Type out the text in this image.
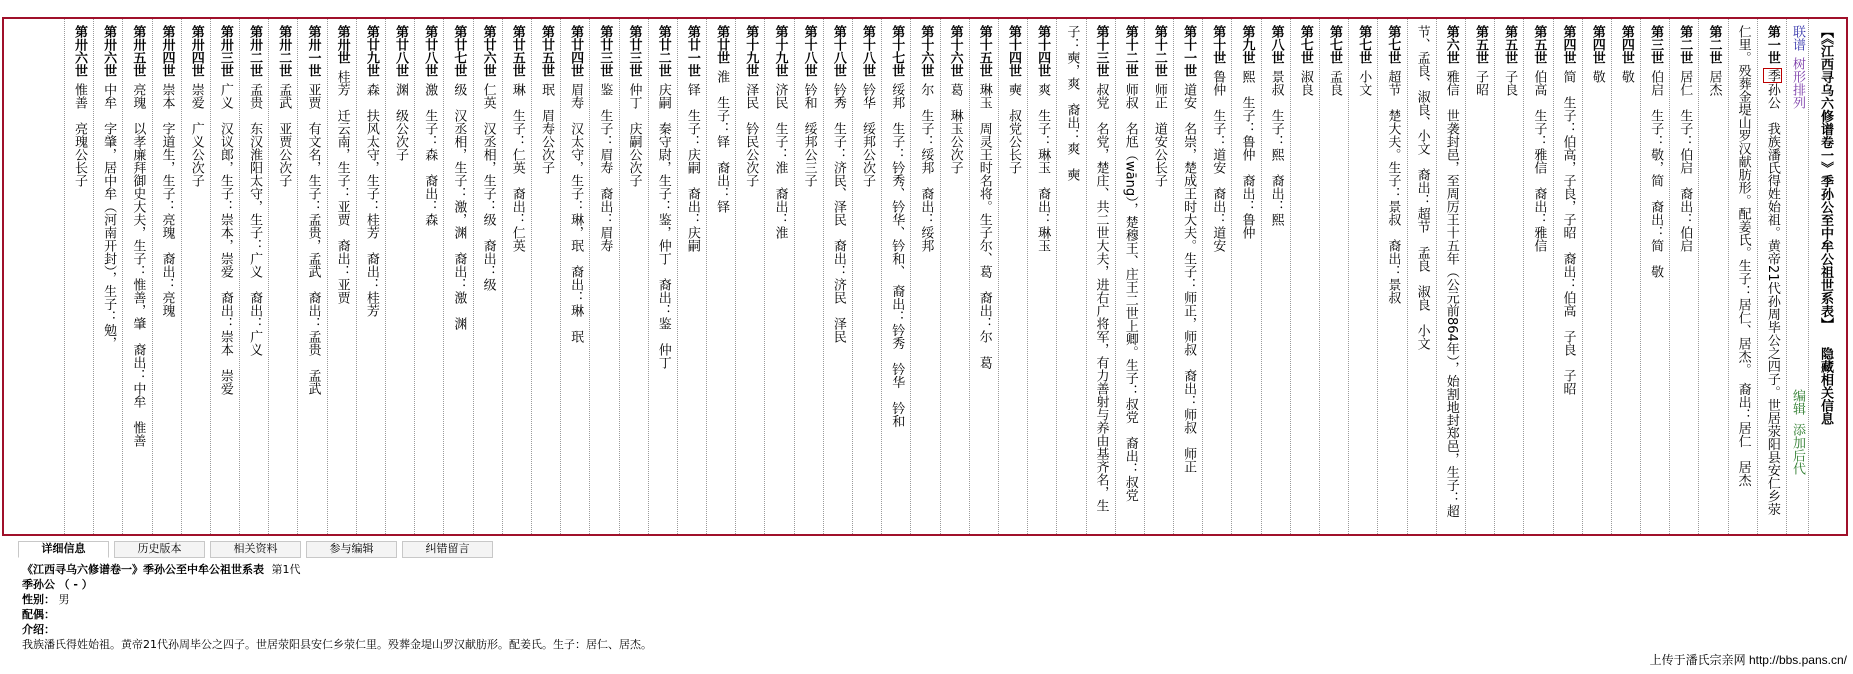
【《江西寻乌六修谱卷一》季孙公至中牟公祖世系表】 隐藏相关信息
联谱 树形排列 编辑 添加后代
第一世季孙公　我族潘氏得姓始祖。黄帝21代孙周毕公之四子。世居荥阳县安仁乡荥
仁里。殁葬金堤山罗汉献肪形。配姜氏。生子：居仁、居杰。　裔出：居仁　居杰
第二世居杰
第二世居仁　生子：伯启　裔出：伯启
第三世伯启　生子：敬，简　裔出：简　敬
第四世敬
第四世敬
第四世简　生子：伯高，子良，子昭　裔出：伯高　子良　子昭
第五世伯高　生子：雅信　裔出：雅信
第五世子良
第五世子昭
第六世雅信　世袭封邑，至周厉王十五年（公元前864年），始割地封郑邑，生子：超
节、孟良、淑良、小文　裔出：超节　孟良　淑良　小文
第七世超节　楚大夫。生子：景叔　裔出：景叔
第七世小文
第七世孟良
第七世淑良
第八世景叔　生子：熙　裔出：熙
第九世熙　生子：鲁仲　裔出：鲁仲
第十世鲁仲　生子：道安　裔出：道安
第十一世道安　名崇，楚成王时大夫。生子：师正，师叔　裔出：师叔　师正
第十二世师正　道安公长子
第十二世师叔　名尪（wāng），楚穆王、庄王二世上卿。生子：叔党　裔出：叔党
第十三世叔党　名党，楚庄、共二世大夫，进右广将军，有力善射与养由基齐名，生
子：奭，爽　裔出：爽　奭
第十四世爽　生子：琳玉　裔出：琳玉
第十四世奭　叔党公长子
第十五世琳玉　周灵王时名将。生子尔、葛　裔出：尔　葛
第十六世葛　琳玉公次子
第十六世尔　生子：绥邦　裔出：绥邦
第十七世绥邦　生子：钤秀、钤华、钤和、　裔出：钤秀　钤华　钤和
第十八世钤华　绥邦公次子
第十八世钤秀　生子：济民、泽民　裔出：济民　泽民
第十八世钤和　绥邦公三子
第十九世济民　生子：淮　裔出：淮
第十九世泽民　钤民公次子
第廿世淮　生子：铎　裔出：铎
第廿一世铎　生子：庆嗣　裔出：庆嗣
第廿二世庆嗣　秦守尉，生子：鉴，仲丁　裔出：鉴　仲丁
第廿三世仲丁　庆嗣公次子
第廿三世鉴　生子：眉寿　裔出：眉寿
第廿四世眉寿　汉太守，生子：琳，珉　裔出：琳　珉
第廿五世珉　眉寿公次子
第廿五世琳　生子：仁英　裔出：仁英
第廿六世仁英　汉丞相，生子：级　裔出：级
第廿七世级　汉丞相，生子：激，渊　裔出：激　渊
第廿八世激　生子：森　裔出：森
第廿八世渊　级公次子
第廿九世森　扶风太守，生子：桂芳　裔出：桂芳
第卅世桂芳　迁云南，生子：亚贾　裔出：亚贾
第卅一世亚贾　有文名，生子：孟贵，孟武　裔出：孟贵　孟武
第卅二世孟武　亚贾公次子
第卅二世孟贵　东汉淮阳太守，生子：广义　裔出：广义
第卅三世广义　汉议郎，生子：崇本，崇爱　裔出：崇本　崇爱
第卅四世崇爱　广义公次子
第卅四世崇本　字道生，生子：亮瑰　裔出：亮瑰
第卅五世亮瑰　以孝廉拜御史大夫，生子：惟善，肇　裔出：中牟　惟善
第卅六世中牟　字肇，居中牟（河南开封），生子：勉，
第卅六世惟善　亮瑰公长子
详细信息	历史版本	相关资料	参与编辑	纠错留言
《江西寻乌六修谱卷一》季孙公至中牟公祖世系表 第1代
季孙公 （ - ）
性别： 男
配偶：
介绍：
我族潘氏得姓始祖。黄帝21代孙周毕公之四子。世居荥阳县安仁乡荥仁里。殁葬金堤山罗汉献肪形。配姜氏。生子：居仁、居杰。
上传于潘氏宗亲网 http://bbs.pans.cn/
